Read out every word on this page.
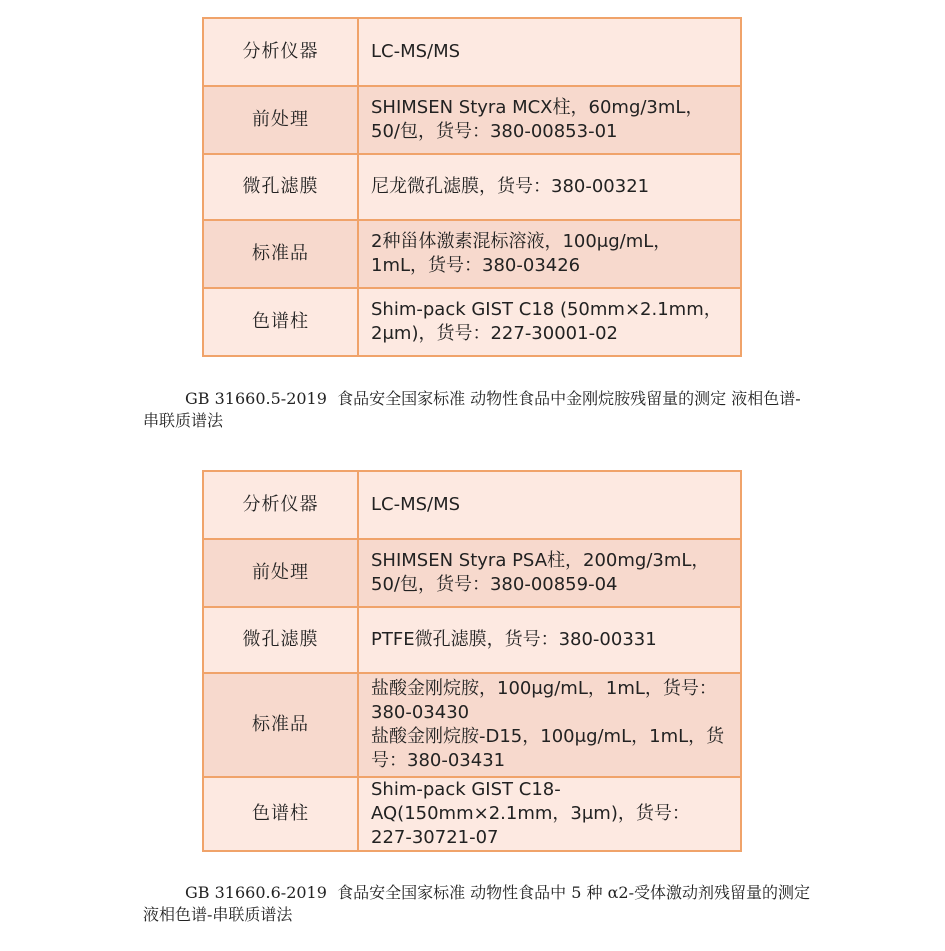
分析仪器	LC-MS/MS
前处理	SHIMSEN Styra MCX柱，60mg/3mL，50/包，货号：380-00853-01
微孔滤膜	尼龙微孔滤膜，货号：380-00321
标准品	2种甾体激素混标溶液，100μg/mL，1mL，货号：380-03426
色谱柱	Shim-pack GIST C18 (50mm×2.1mm，2μm)，货号：227-30001-02
GB 31660.5-2019  食品安全国家标准 动物性食品中金刚烷胺残留量的测定 液相色谱-串联质谱法
分析仪器	LC-MS/MS
前处理	SHIMSEN Styra PSA柱，200mg/3mL，50/包，货号：380-00859-04
微孔滤膜	PTFE微孔滤膜，货号：380-00331
标准品	盐酸金刚烷胺，100μg/mL，1mL，货号：380-03430
盐酸金刚烷胺-D15，100μg/mL，1mL，货号：380-03431

色谱柱	Shim-pack GIST C18-AQ(150mm×2.1mm，3μm)，货号：227-30721-07
GB 31660.6-2019  食品安全国家标准 动物性食品中 5 种 α2-受体激动剂残留量的测定 液相色谱-串联质谱法
